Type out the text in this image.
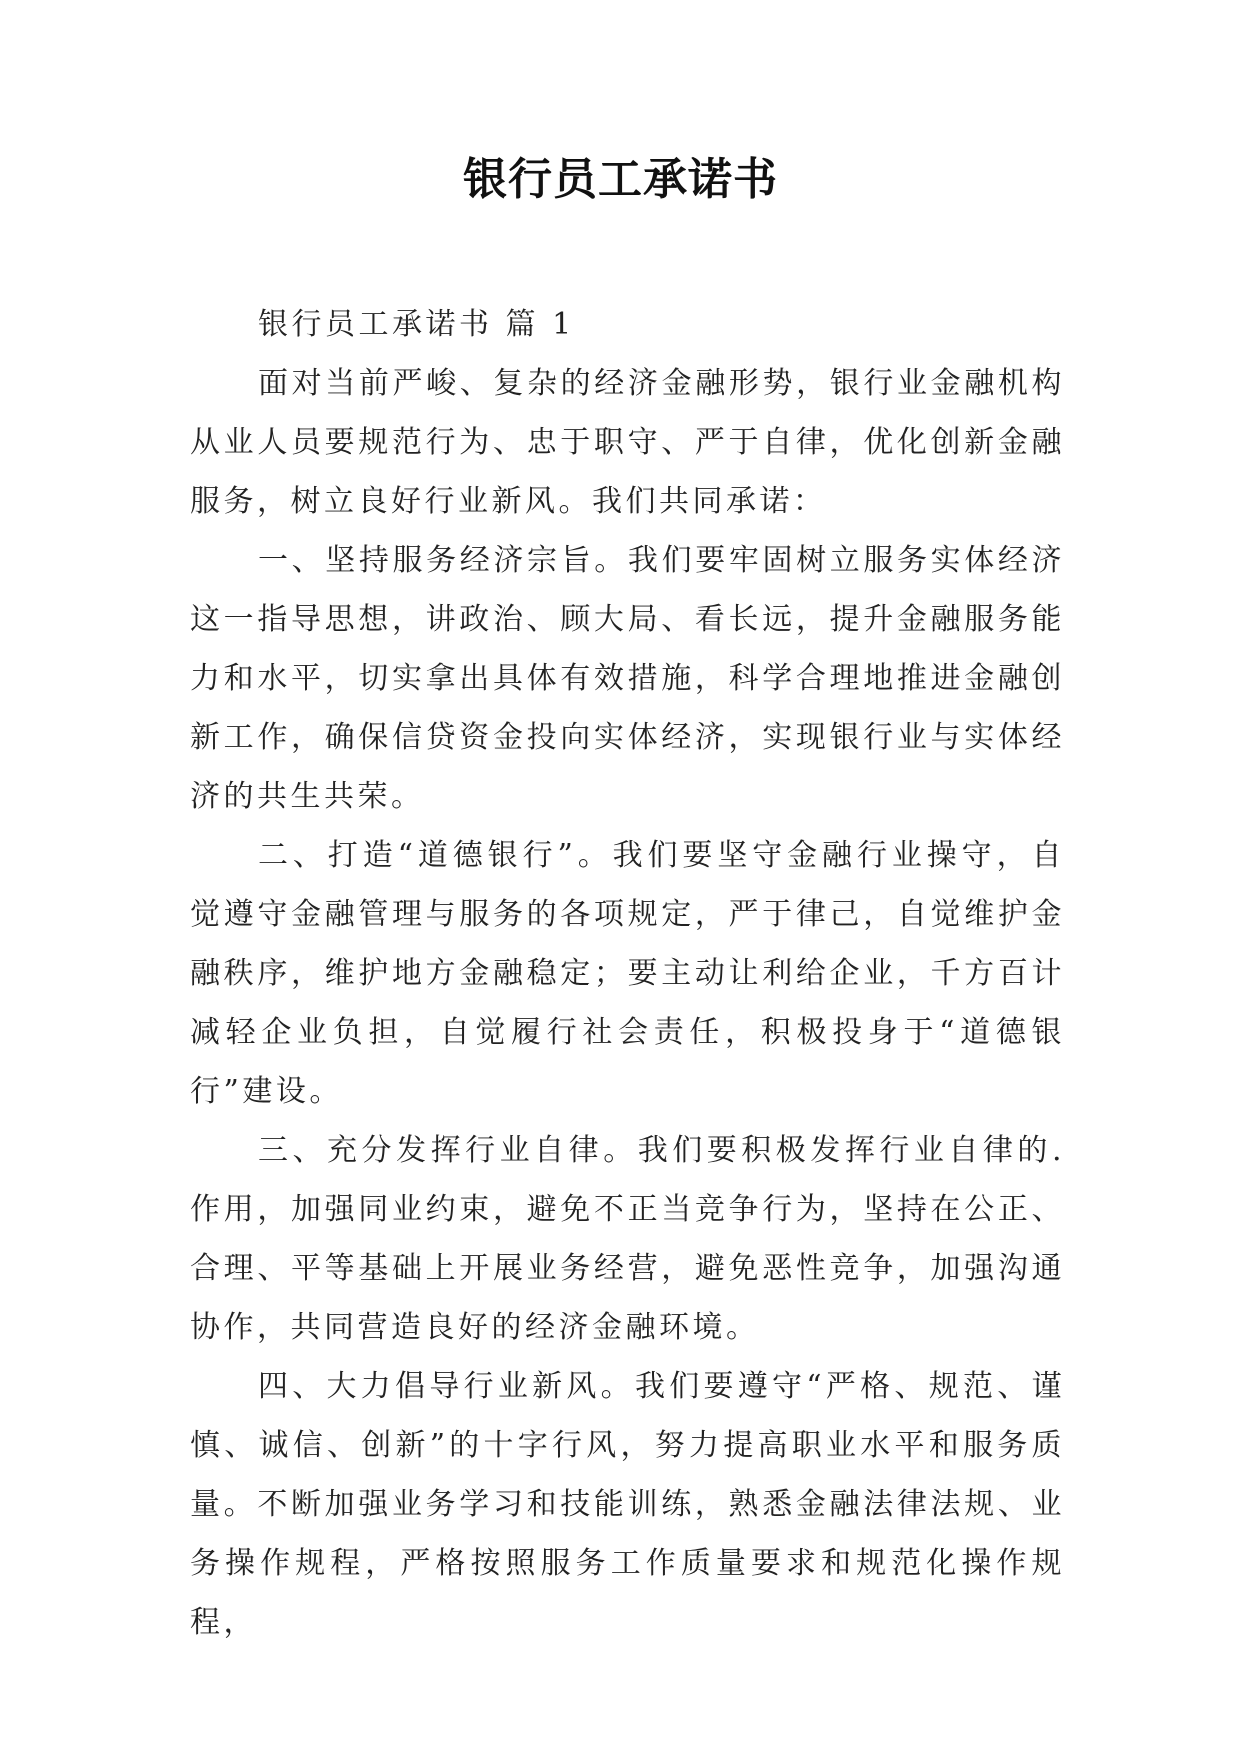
银行员工承诺书

银行员工承诺书 篇 1

面对当前严峻、复杂的经济金融形势，银行业金融机构从业人员要规范行为、忠于职守、严于自律，优化创新金融服务，树立良好行业新风。我们共同承诺：

一、坚持服务经济宗旨。我们要牢固树立服务实体经济这一指导思想，讲政治、顾大局、看长远，提升金融服务能力和水平，切实拿出具体有效措施，科学合理地推进金融创新工作，确保信贷资金投向实体经济，实现银行业与实体经济的共生共荣。

二、打造“道德银行”。我们要坚守金融行业操守，自觉遵守金融管理与服务的各项规定，严于律己，自觉维护金融秩序，维护地方金融稳定；要主动让利给企业，千方百计减轻企业负担，自觉履行社会责任，积极投身于“道德银行”建设。

三、充分发挥行业自律。我们要积极发挥行业自律的.作用，加强同业约束，避免不正当竞争行为，坚持在公正、合理、平等基础上开展业务经营，避免恶性竞争，加强沟通协作，共同营造良好的经济金融环境。

四、大力倡导行业新风。我们要遵守“严格、规范、谨慎、诚信、创新”的十字行风，努力提高职业水平和服务质量。不断加强业务学习和技能训练，熟悉金融法律法规、业务操作规程，严格按照服务工作质量要求和规范化操作规程，
